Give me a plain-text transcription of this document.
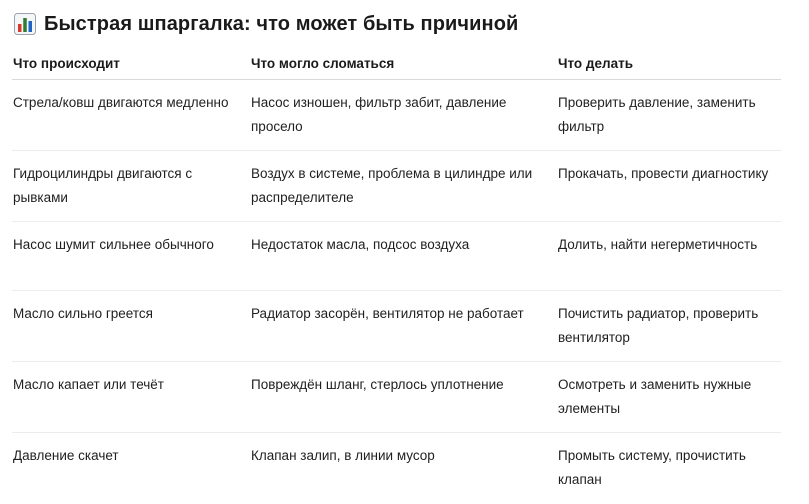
Быстрая шпаргалка: что может быть причиной
Что происходит	Что могло сломаться	Что делать
Стрела/ковш двигаются медленно	Насос изношен, фильтр забит, давление просело	Проверить давление, заменить фильтр
Гидроцилиндры двигаются с рывками	Воздух в системе, проблема в цилиндре или распределителе	Прокачать, провести диагностику
Насос шумит сильнее обычного	Недостаток масла, подсос воздуха	Долить, найти негерметичность
Масло сильно греется	Радиатор засорён, вентилятор не работает	Почистить радиатор, проверить вентилятор
Масло капает или течёт	Повреждён шланг, стерлось уплотнение	Осмотреть и заменить нужные элементы
Давление скачет	Клапан залип, в линии мусор	Промыть систему, прочистить клапан
